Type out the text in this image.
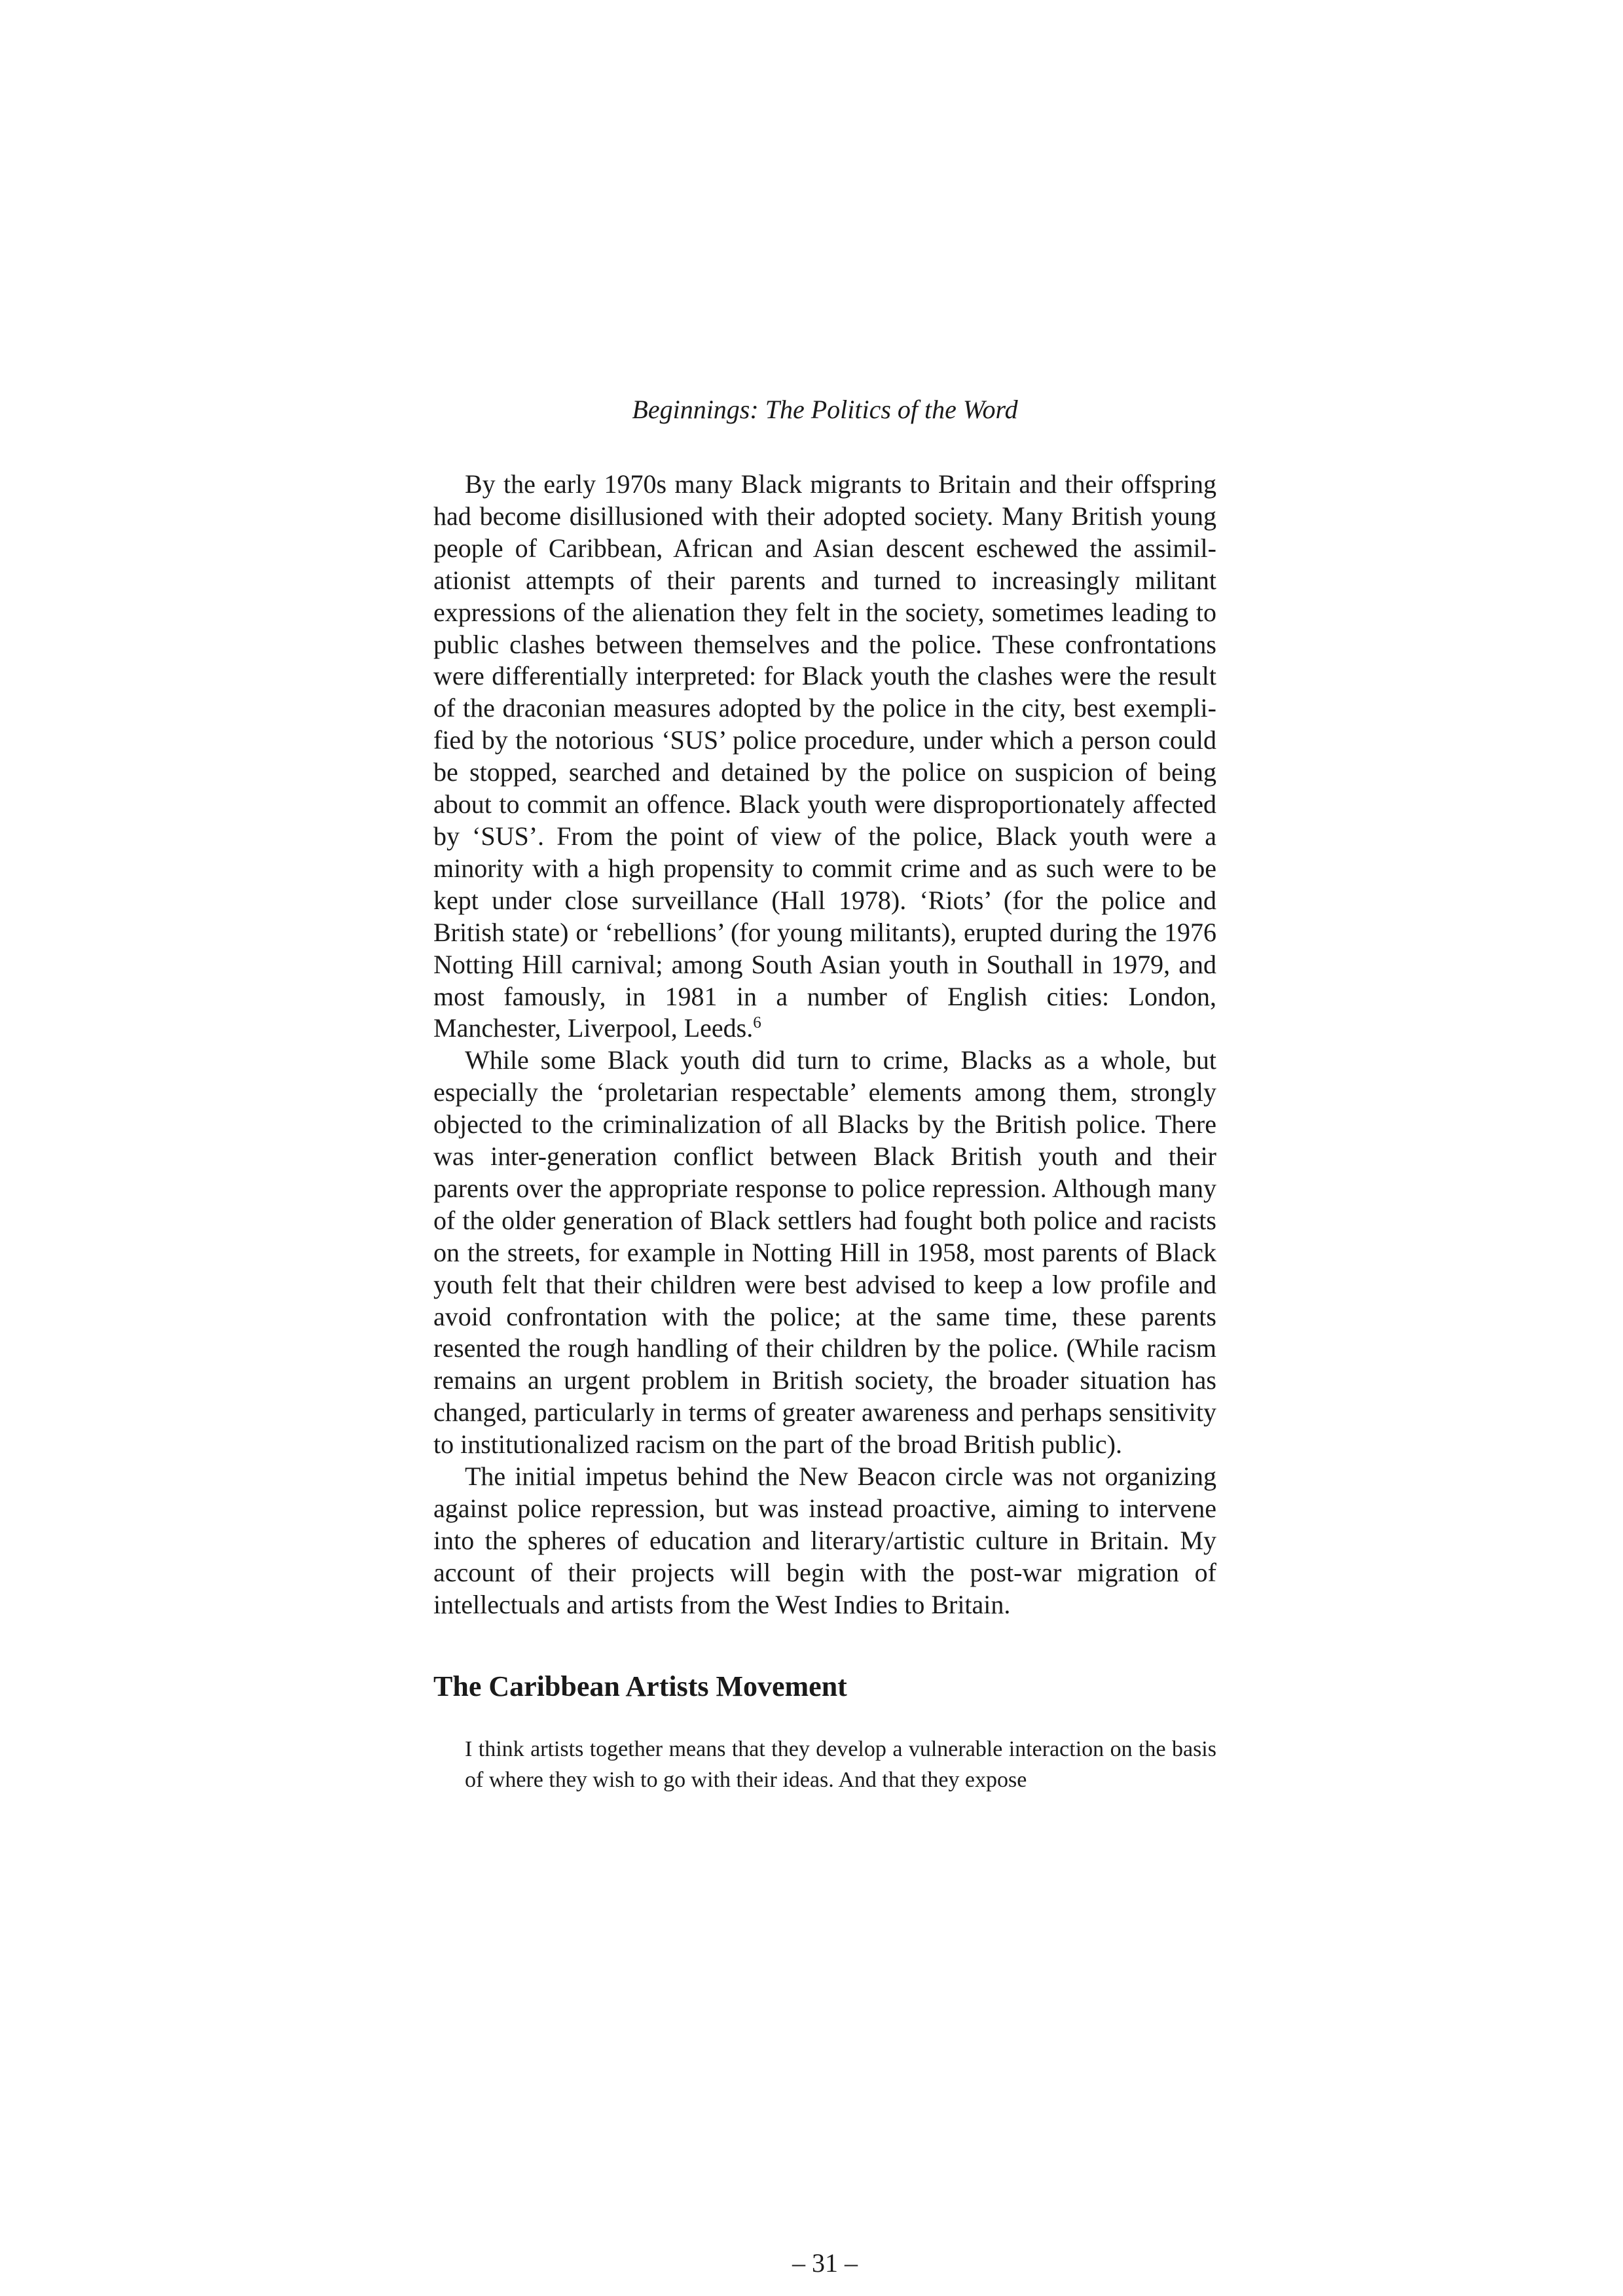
Beginnings: The Politics of the Word

By the early 1970s many Black migrants to Britain and their offspring had become disillusioned with their adopted society. Many British young people of Caribbean, African and Asian descent eschewed the assimilationist attempts of their parents and turned to increasingly militant expressions of the alienation they felt in the society, sometimes leading to public clashes between themselves and the police. These confrontations were differentially interpreted: for Black youth the clashes were the result of the draconian measures adopted by the police in the city, best exemplified by the notorious ‘SUS’ police procedure, under which a person could be stopped, searched and detained by the police on suspicion of being about to commit an offence. Black youth were disproportionately affected by ‘SUS’. From the point of view of the police, Black youth were a minority with a high propensity to commit crime and as such were to be kept under close surveillance (Hall 1978). ‘Riots’ (for the police and British state) or ‘rebellions’ (for young militants), erupted during the 1976 Notting Hill carnival; among South Asian youth in Southall in 1979, and most famously, in 1981 in a number of English cities: London, Manchester, Liverpool, Leeds.$^6$

While some Black youth did turn to crime, Blacks as a whole, but especially the ‘proletarian respectable’ elements among them, strongly objected to the criminalization of all Blacks by the British police. There was inter-generation conflict between Black British youth and their parents over the appropriate response to police repression. Although many of the older generation of Black settlers had fought both police and racists on the streets, for example in Notting Hill in 1958, most parents of Black youth felt that their children were best advised to keep a low profile and avoid confrontation with the police; at the same time, these parents resented the rough handling of their children by the police. (While racism remains an urgent problem in British society, the broader situation has changed, particularly in terms of greater awareness and perhaps sensitivity to institutionalized racism on the part of the broad British public).

The initial impetus behind the New Beacon circle was not organizing against police repression, but was instead proactive, aiming to intervene into the spheres of education and literary/artistic culture in Britain. My account of their projects will begin with the post-war migration of intellectuals and artists from the West Indies to Britain.

The Caribbean Artists Movement

I think artists together means that they develop a vulnerable interaction on the basis of where they wish to go with their ideas. And that they expose

– 31 –
